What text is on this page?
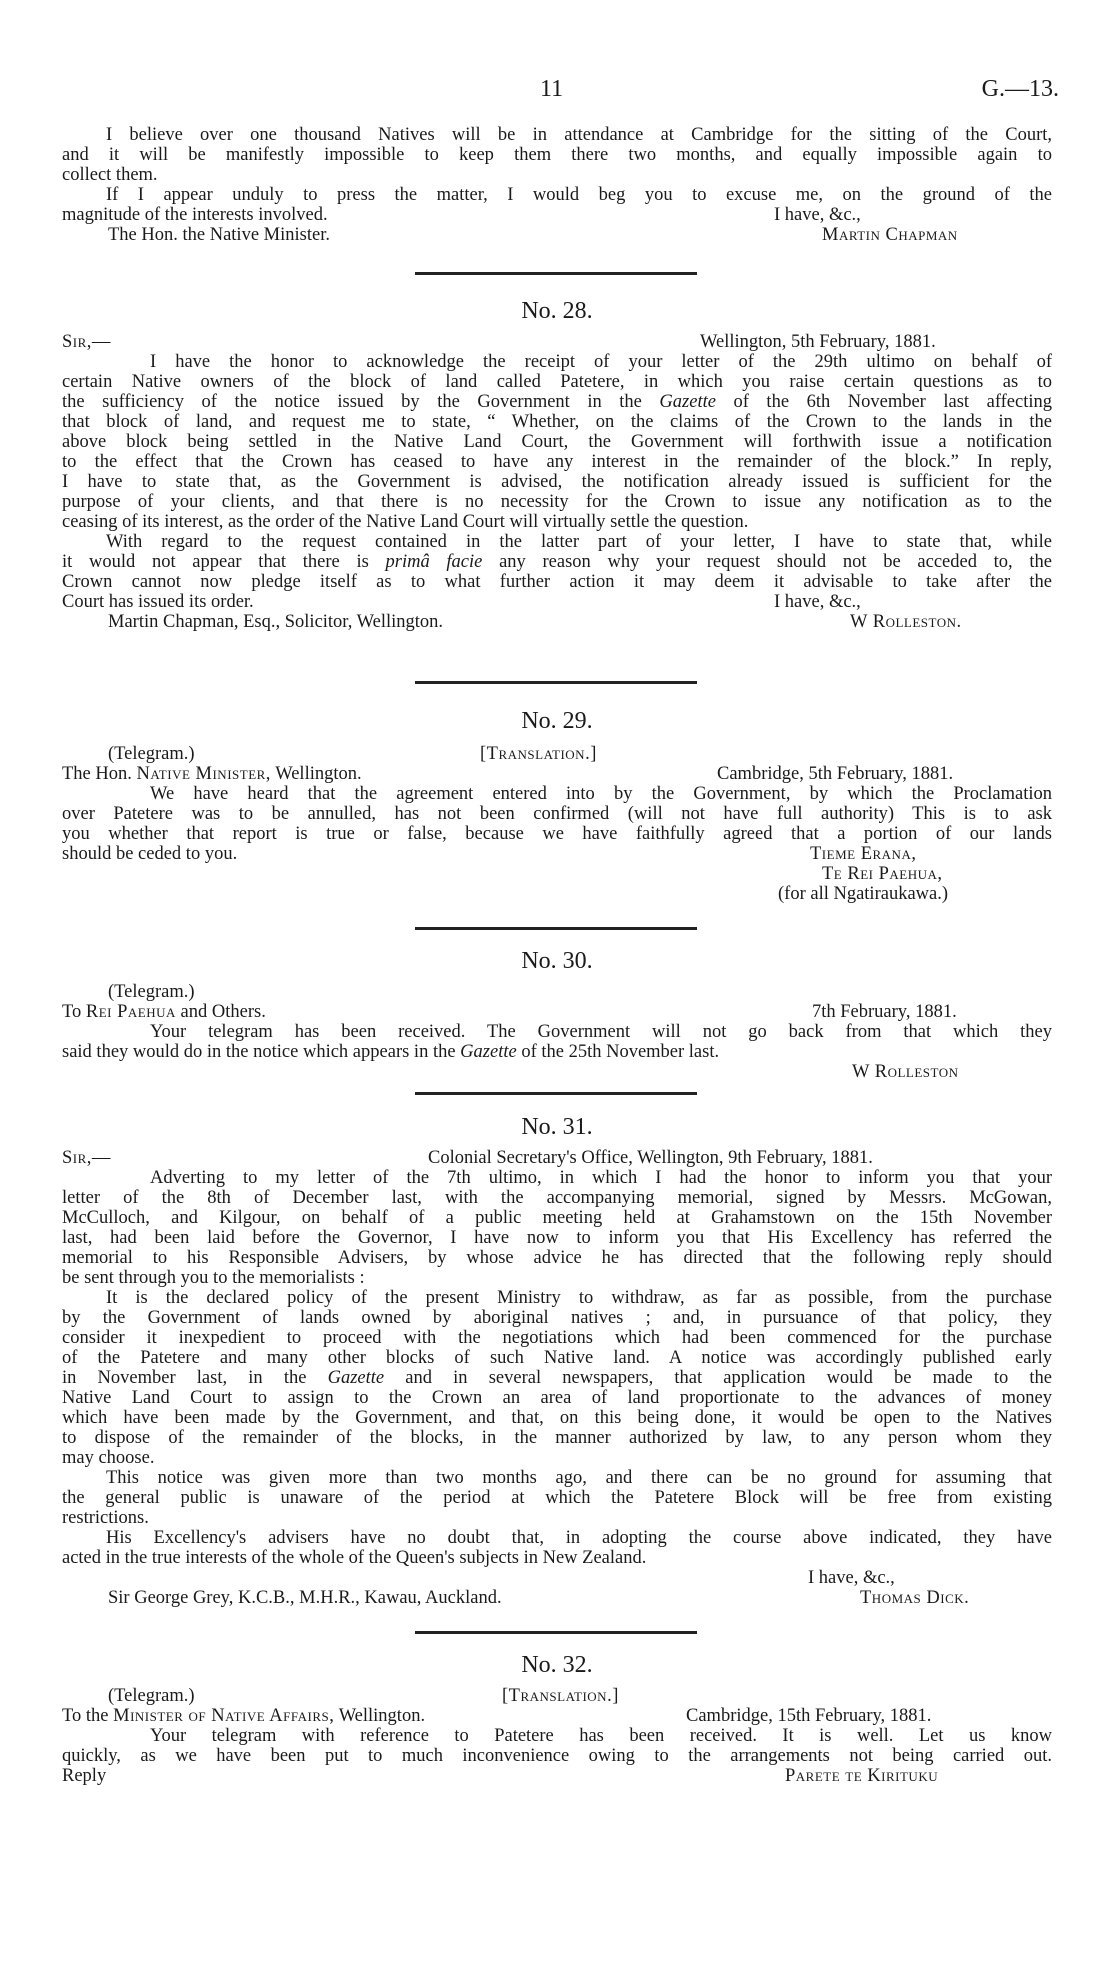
11	G.—13.
I believe over one thousand Natives will be in attendance at Cambridge for the sitting of the Court,
and it will be manifestly impossible to keep them there two months, and equally impossible again to
collect them.
If I appear unduly to press the matter, I would beg you to excuse me, on the ground of the
magnitude of the interests involved.	I have, &c.,
The Hon. the Native Minister.	Martin Chapman
No. 28.
Sir,—	Wellington, 5th February, 1881.
I have the honor to acknowledge the receipt of your letter of the 29th ultimo on behalf of
certain Native owners of the block of land called Patetere, in which you raise certain questions as to
the sufficiency of the notice issued by the Government in the Gazette of the 6th November last affecting
that block of land, and request me to state, “ Whether, on the claims of the Crown to the lands in the
above block being settled in the Native Land Court, the Government will forthwith issue a notification
to the effect that the Crown has ceased to have any interest in the remainder of the block.” In reply,
I have to state that, as the Government is advised, the notification already issued is sufficient for the
purpose of your clients, and that there is no necessity for the Crown to issue any notification as to the
ceasing of its interest, as the order of the Native Land Court will virtually settle the question.
With regard to the request contained in the latter part of your letter, I have to state that, while
it would not appear that there is primâ facie any reason why your request should not be acceded to, the
Crown cannot now pledge itself as to what further action it may deem it advisable to take after the
Court has issued its order.	I have, &c.,
Martin Chapman, Esq., Solicitor, Wellington.	W Rolleston.
No. 29.
(Telegram.)	[Translation.]
The Hon. Native Minister, Wellington.	Cambridge, 5th February, 1881.
We have heard that the agreement entered into by the Government, by which the Proclamation
over Patetere was to be annulled, has not been confirmed (will not have full authority) This is to ask
you whether that report is true or false, because we have faithfully agreed that a portion of our lands
should be ceded to you.	Tieme Erana,
Te Rei Paehua,
(for all Ngatiraukawa.)
No. 30.
(Telegram.)
To Rei Paehua and Others.	7th February, 1881.
Your telegram has been received. The Government will not go back from that which they
said they would do in the notice which appears in the Gazette of the 25th November last.
W Rolleston
No. 31.
Sir,—	Colonial Secretary's Office, Wellington, 9th February, 1881.
Adverting to my letter of the 7th ultimo, in which I had the honor to inform you that your
letter of the 8th of December last, with the accompanying memorial, signed by Messrs. McGowan,
McCulloch, and Kilgour, on behalf of a public meeting held at Grahamstown on the 15th November
last, had been laid before the Governor, I have now to inform you that His Excellency has referred the
memorial to his Responsible Advisers, by whose advice he has directed that the following reply should
be sent through you to the memorialists :
It is the declared policy of the present Ministry to withdraw, as far as possible, from the purchase
by the Government of lands owned by aboriginal natives ; and, in pursuance of that policy, they
consider it inexpedient to proceed with the negotiations which had been commenced for the purchase
of the Patetere and many other blocks of such Native land. A notice was accordingly published early
in November last, in the Gazette and in several newspapers, that application would be made to the
Native Land Court to assign to the Crown an area of land proportionate to the advances of money
which have been made by the Government, and that, on this being done, it would be open to the Natives
to dispose of the remainder of the blocks, in the manner authorized by law, to any person whom they
may choose.
This notice was given more than two months ago, and there can be no ground for assuming that
the general public is unaware of the period at which the Patetere Block will be free from existing
restrictions.
His Excellency's advisers have no doubt that, in adopting the course above indicated, they have
acted in the true interests of the whole of the Queen's subjects in New Zealand.
I have, &c.,
Sir George Grey, K.C.B., M.H.R., Kawau, Auckland.	Thomas Dick.
No. 32.
(Telegram.)	[Translation.]
To the Minister of Native Affairs, Wellington.	Cambridge, 15th February, 1881.
Your telegram with reference to Patetere has been received. It is well. Let us know
quickly, as we have been put to much inconvenience owing to the arrangements not being carried out.
Reply	Parete te Kirituku
